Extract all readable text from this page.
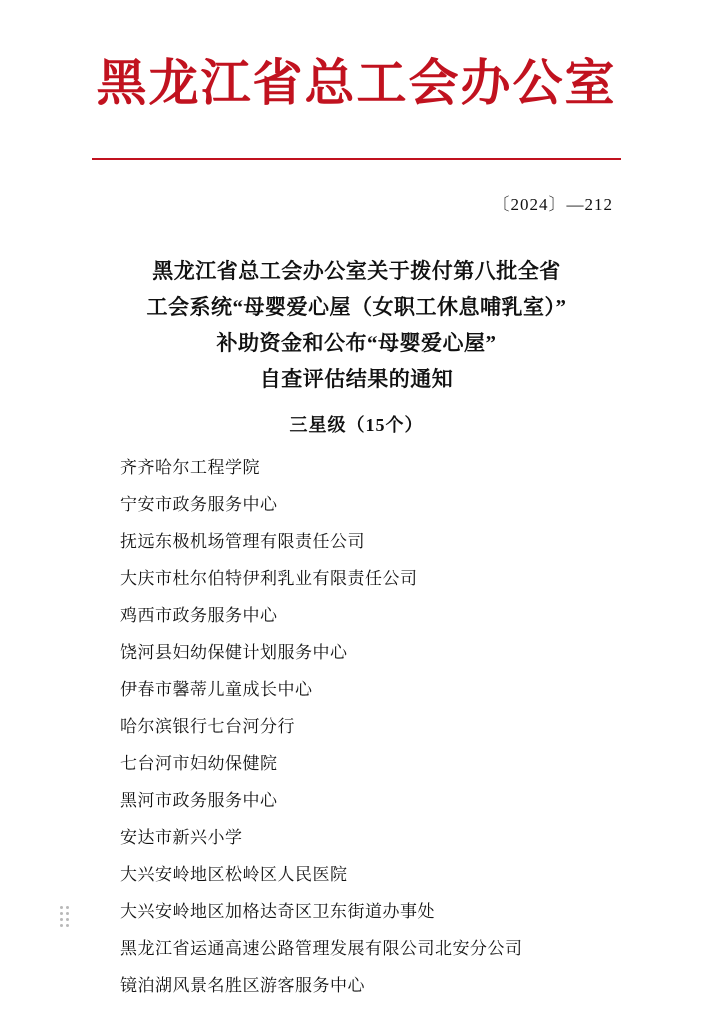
黑龙江省总工会办公室
〔2024〕—212
黑龙江省总工会办公室关于拨付第八批全省
工会系统“母婴爱心屋（女职工休息哺乳室）”
补助资金和公布“母婴爱心屋”
自查评估结果的通知
三星级（15个）
齐齐哈尔工程学院
宁安市政务服务中心
抚远东极机场管理有限责任公司
大庆市杜尔伯特伊利乳业有限责任公司
鸡西市政务服务中心
饶河县妇幼保健计划服务中心
伊春市馨蒂儿童成长中心
哈尔滨银行七台河分行
七台河市妇幼保健院
黑河市政务服务中心
安达市新兴小学
大兴安岭地区松岭区人民医院
大兴安岭地区加格达奇区卫东街道办事处
黑龙江省运通高速公路管理发展有限公司北安分公司
镜泊湖风景名胜区游客服务中心
